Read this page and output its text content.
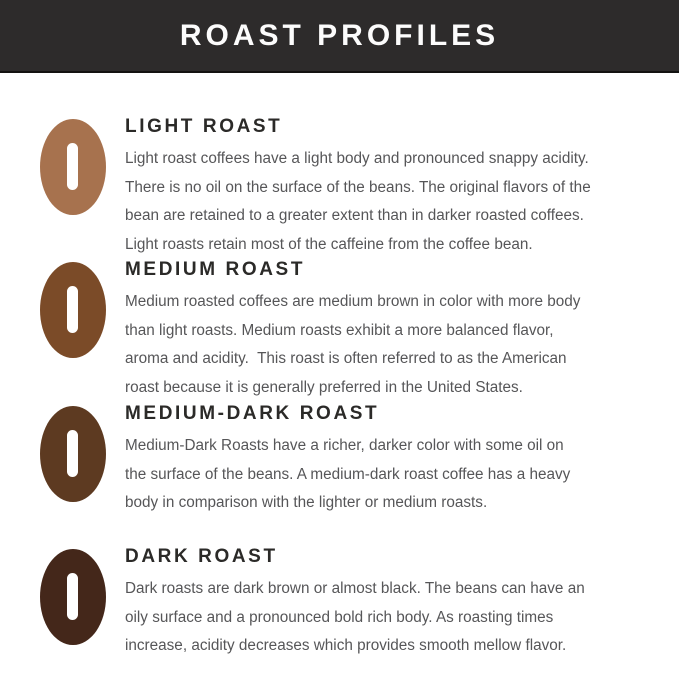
ROAST PROFILES
LIGHT ROAST
Light roast coffees have a light body and pronounced snappy acidity.
There is no oil on the surface of the beans. The original flavors of the
bean are retained to a greater extent than in darker roasted coffees.
Light roasts retain most of the caffeine from the coffee bean.
MEDIUM ROAST
Medium roasted coffees are medium brown in color with more body
than light roasts. Medium roasts exhibit a more balanced flavor,
aroma and acidity.  This roast is often referred to as the American
roast because it is generally preferred in the United States.
MEDIUM-DARK ROAST
Medium-Dark Roasts have a richer, darker color with some oil on
the surface of the beans. A medium-dark roast coffee has a heavy
body in comparison with the lighter or medium roasts.
DARK ROAST
Dark roasts are dark brown or almost black. The beans can have an
oily surface and a pronounced bold rich body. As roasting times
increase, acidity decreases which provides smooth mellow flavor.
